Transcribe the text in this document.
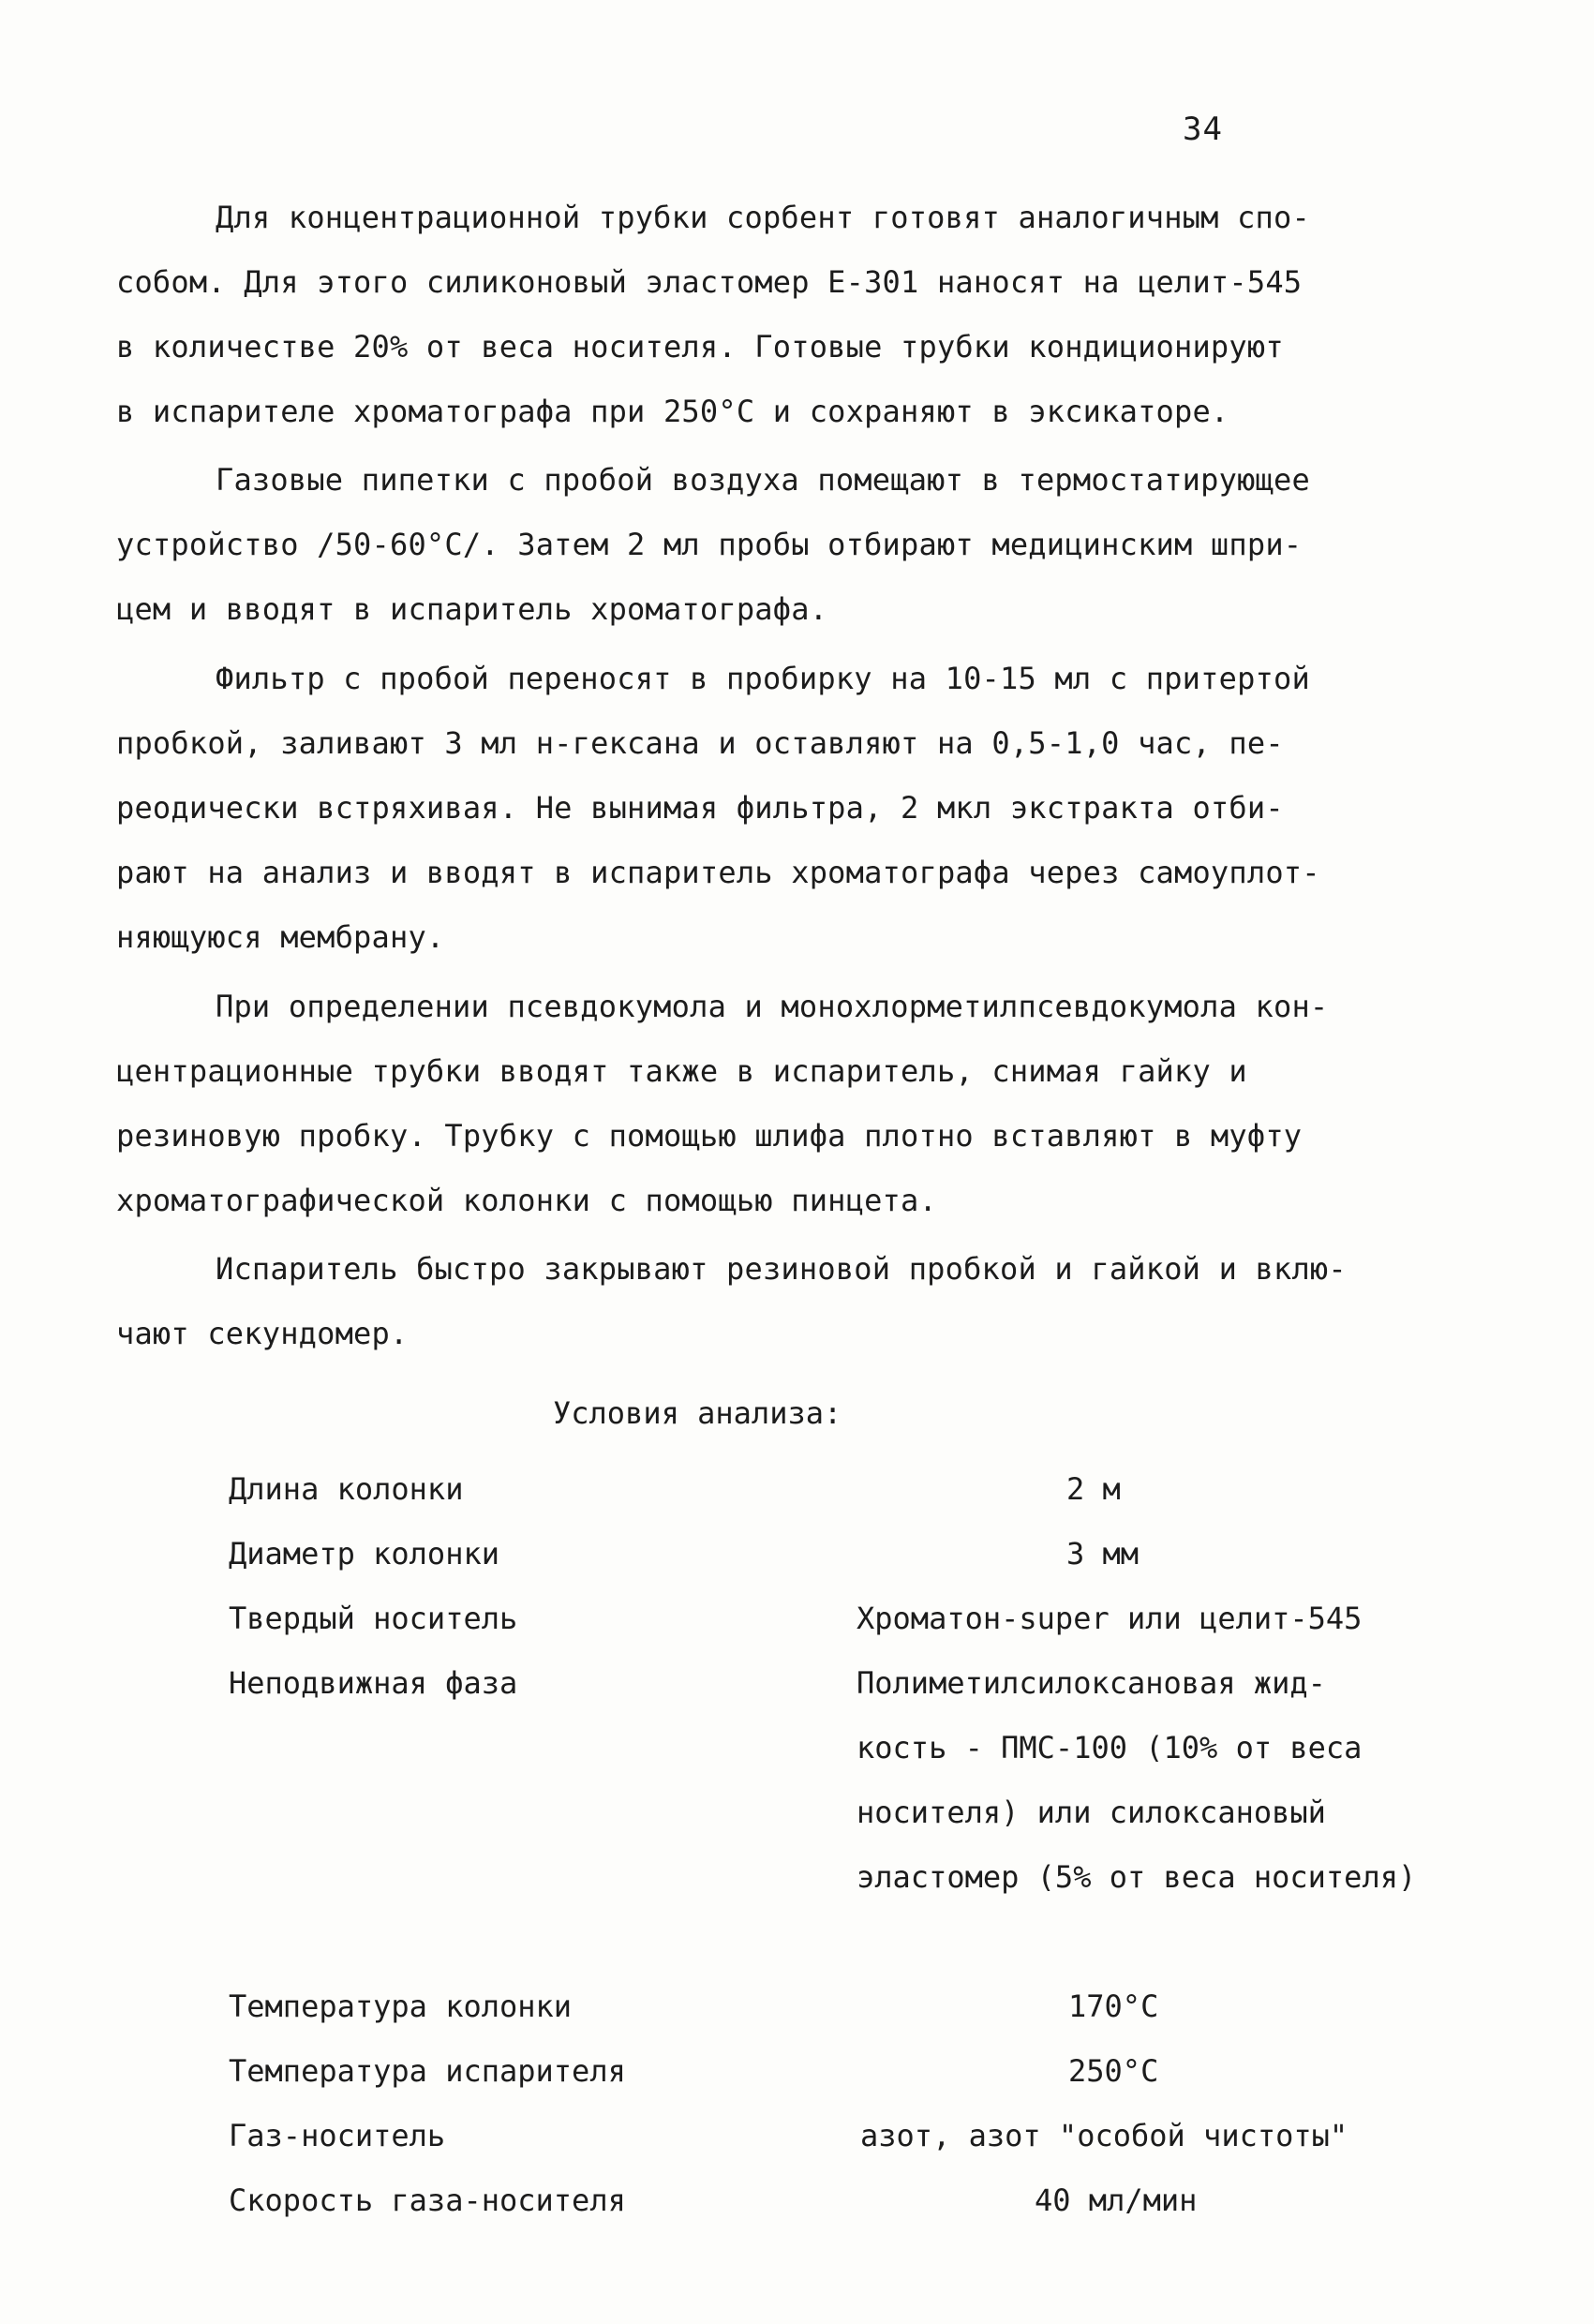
34
Для концентрационной трубки сорбент готовят аналогичным спо-
собом. Для этого силиконовый эластомер Е-301 наносят на целит-545
в количестве 20% от веса носителя. Готовые трубки кондиционируют
в испарителе хроматографа при 250°С и сохраняют в эксикаторе.
Газовые пипетки с пробой воздуха помещают в термостатирующее
устройство /50-60°С/. Затем 2 мл пробы отбирают медицинским шпри-
цем и вводят в испаритель хроматографа.
Фильтр с пробой переносят в пробирку на 10-15 мл с притертой
пробкой, заливают 3 мл н-гексана и оставляют на 0,5-1,0 час, пе-
реодически встряхивая. Не вынимая фильтра, 2 мкл экстракта отби-
рают на анализ и вводят в испаритель хроматографа через самоуплот-
няющуюся мембрану.
При определении псевдокумола и монохлорметилпсевдокумола кон-
центрационные трубки вводят также в испаритель, снимая гайку и
резиновую пробку. Трубку с помощью шлифа плотно вставляют в муфту
хроматографической колонки с помощью пинцета.
Испаритель быстро закрывают резиновой пробкой и гайкой и вклю-
чают секундомер.
Условия анализа:
Длина колонки	2 м
Диаметр колонки	3 мм
Твердый носитель	Хроматон-super или целит-545
Неподвижная фаза	Полиметилсилоксановая жид-
кость - ПМС-100 (10% от веса
носителя) или силоксановый
эластомер (5% от веса носителя)
Температура колонки	170°С
Температура испарителя	250°С
Газ-носитель	азот, азот "особой чистоты"
Скорость газа-носителя	40 мл/мин
